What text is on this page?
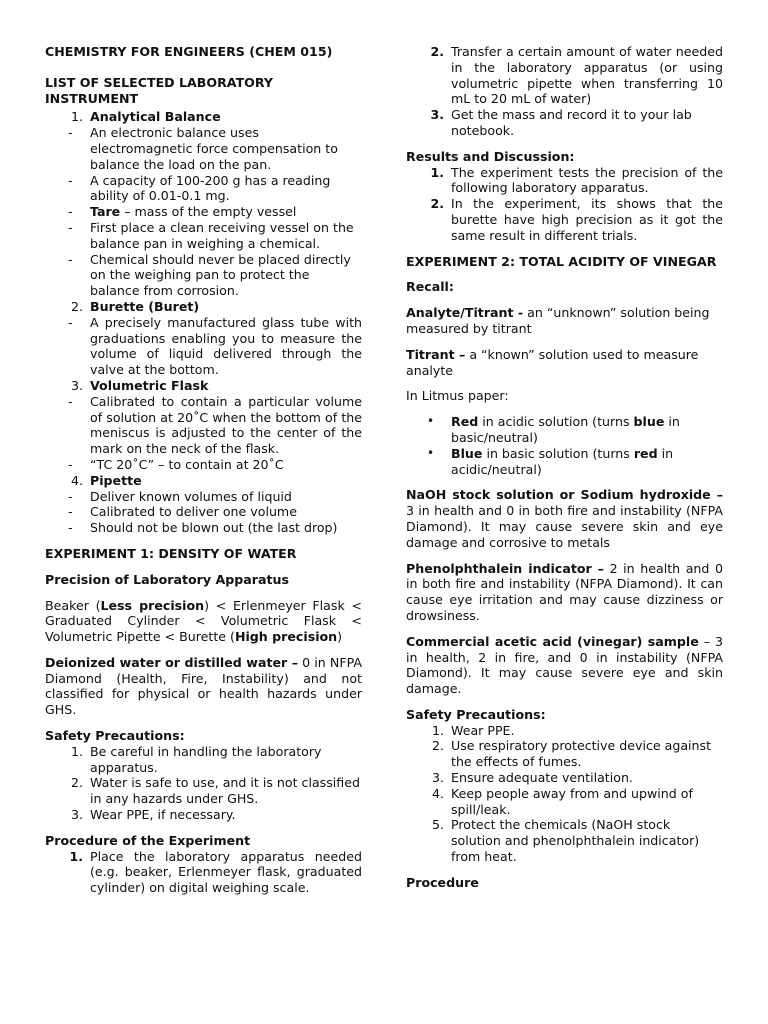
CHEMISTRY FOR ENGINEERS (CHEM 015)

LIST OF SELECTED LABORATORY INSTRUMENT

1. Analytical Balance
-	An electronic balance uses electromagnetic force compensation to balance the load on the pan.
-	A capacity of 100-200 g has a reading ability of 0.01-0.1 mg.
-	Tare – mass of the empty vessel
-	First place a clean receiving vessel on the balance pan in weighing a chemical.
-	Chemical should never be placed directly on the weighing pan to protect the balance from corrosion.
2. Burette (Buret)
-	A precisely manufactured glass tube with graduations enabling you to measure the volume of liquid delivered through the valve at the bottom.
3. Volumetric Flask
-	Calibrated to contain a particular volume of solution at 20˚C when the bottom of the meniscus is adjusted to the center of the mark on the neck of the flask.
-	“TC 20˚C” – to contain at 20˚C
4. Pipette
-	Deliver known volumes of liquid
-	Calibrated to deliver one volume
-	Should not be blown out (the last drop)

EXPERIMENT 1: DENSITY OF WATER

Precision of Laboratory Apparatus

Beaker (Less precision) < Erlenmeyer Flask < Graduated Cylinder < Volumetric Flask < Volumetric Pipette < Burette (High precision)

Deionized water or distilled water – 0 in NFPA Diamond (Health, Fire, Instability) and not classified for physical or health hazards under GHS.

Safety Precautions:

1. Be careful in handling the laboratory apparatus.
2. Water is safe to use, and it is not classified in any hazards under GHS.
3. Wear PPE, if necessary.

Procedure of the Experiment

1. Place the laboratory apparatus needed (e.g. beaker, Erlenmeyer flask, graduated cylinder) on digital weighing scale.
2. Transfer a certain amount of water needed in the laboratory apparatus (or using volumetric pipette when transferring 10 mL to 20 mL of water)
3. Get the mass and record it to your lab notebook.

Results and Discussion:

1. The experiment tests the precision of the following laboratory apparatus.
2. In the experiment, its shows that the burette have high precision as it got the same result in different trials.

EXPERIMENT 2: TOTAL ACIDITY OF VINEGAR

Recall:

Analyte/Titrant - an “unknown” solution being measured by titrant

Titrant – a “known” solution used to measure analyte

In Litmus paper:

•	Red in acidic solution (turns blue in basic/neutral)
•	Blue in basic solution (turns red in acidic/neutral)

NaOH stock solution or Sodium hydroxide – 3 in health and 0 in both fire and instability (NFPA Diamond). It may cause severe skin and eye damage and corrosive to metals

Phenolphthalein indicator – 2 in health and 0 in both fire and instability (NFPA Diamond). It can cause eye irritation and may cause dizziness or drowsiness.

Commercial acetic acid (vinegar) sample – 3 in health, 2 in fire, and 0 in instability (NFPA Diamond). It may cause severe eye and skin damage.

Safety Precautions:

1. Wear PPE.
2. Use respiratory protective device against the effects of fumes.
3. Ensure adequate ventilation.
4. Keep people away from and upwind of spill/leak.
5. Protect the chemicals (NaOH stock solution and phenolphthalein indicator) from heat.

Procedure
